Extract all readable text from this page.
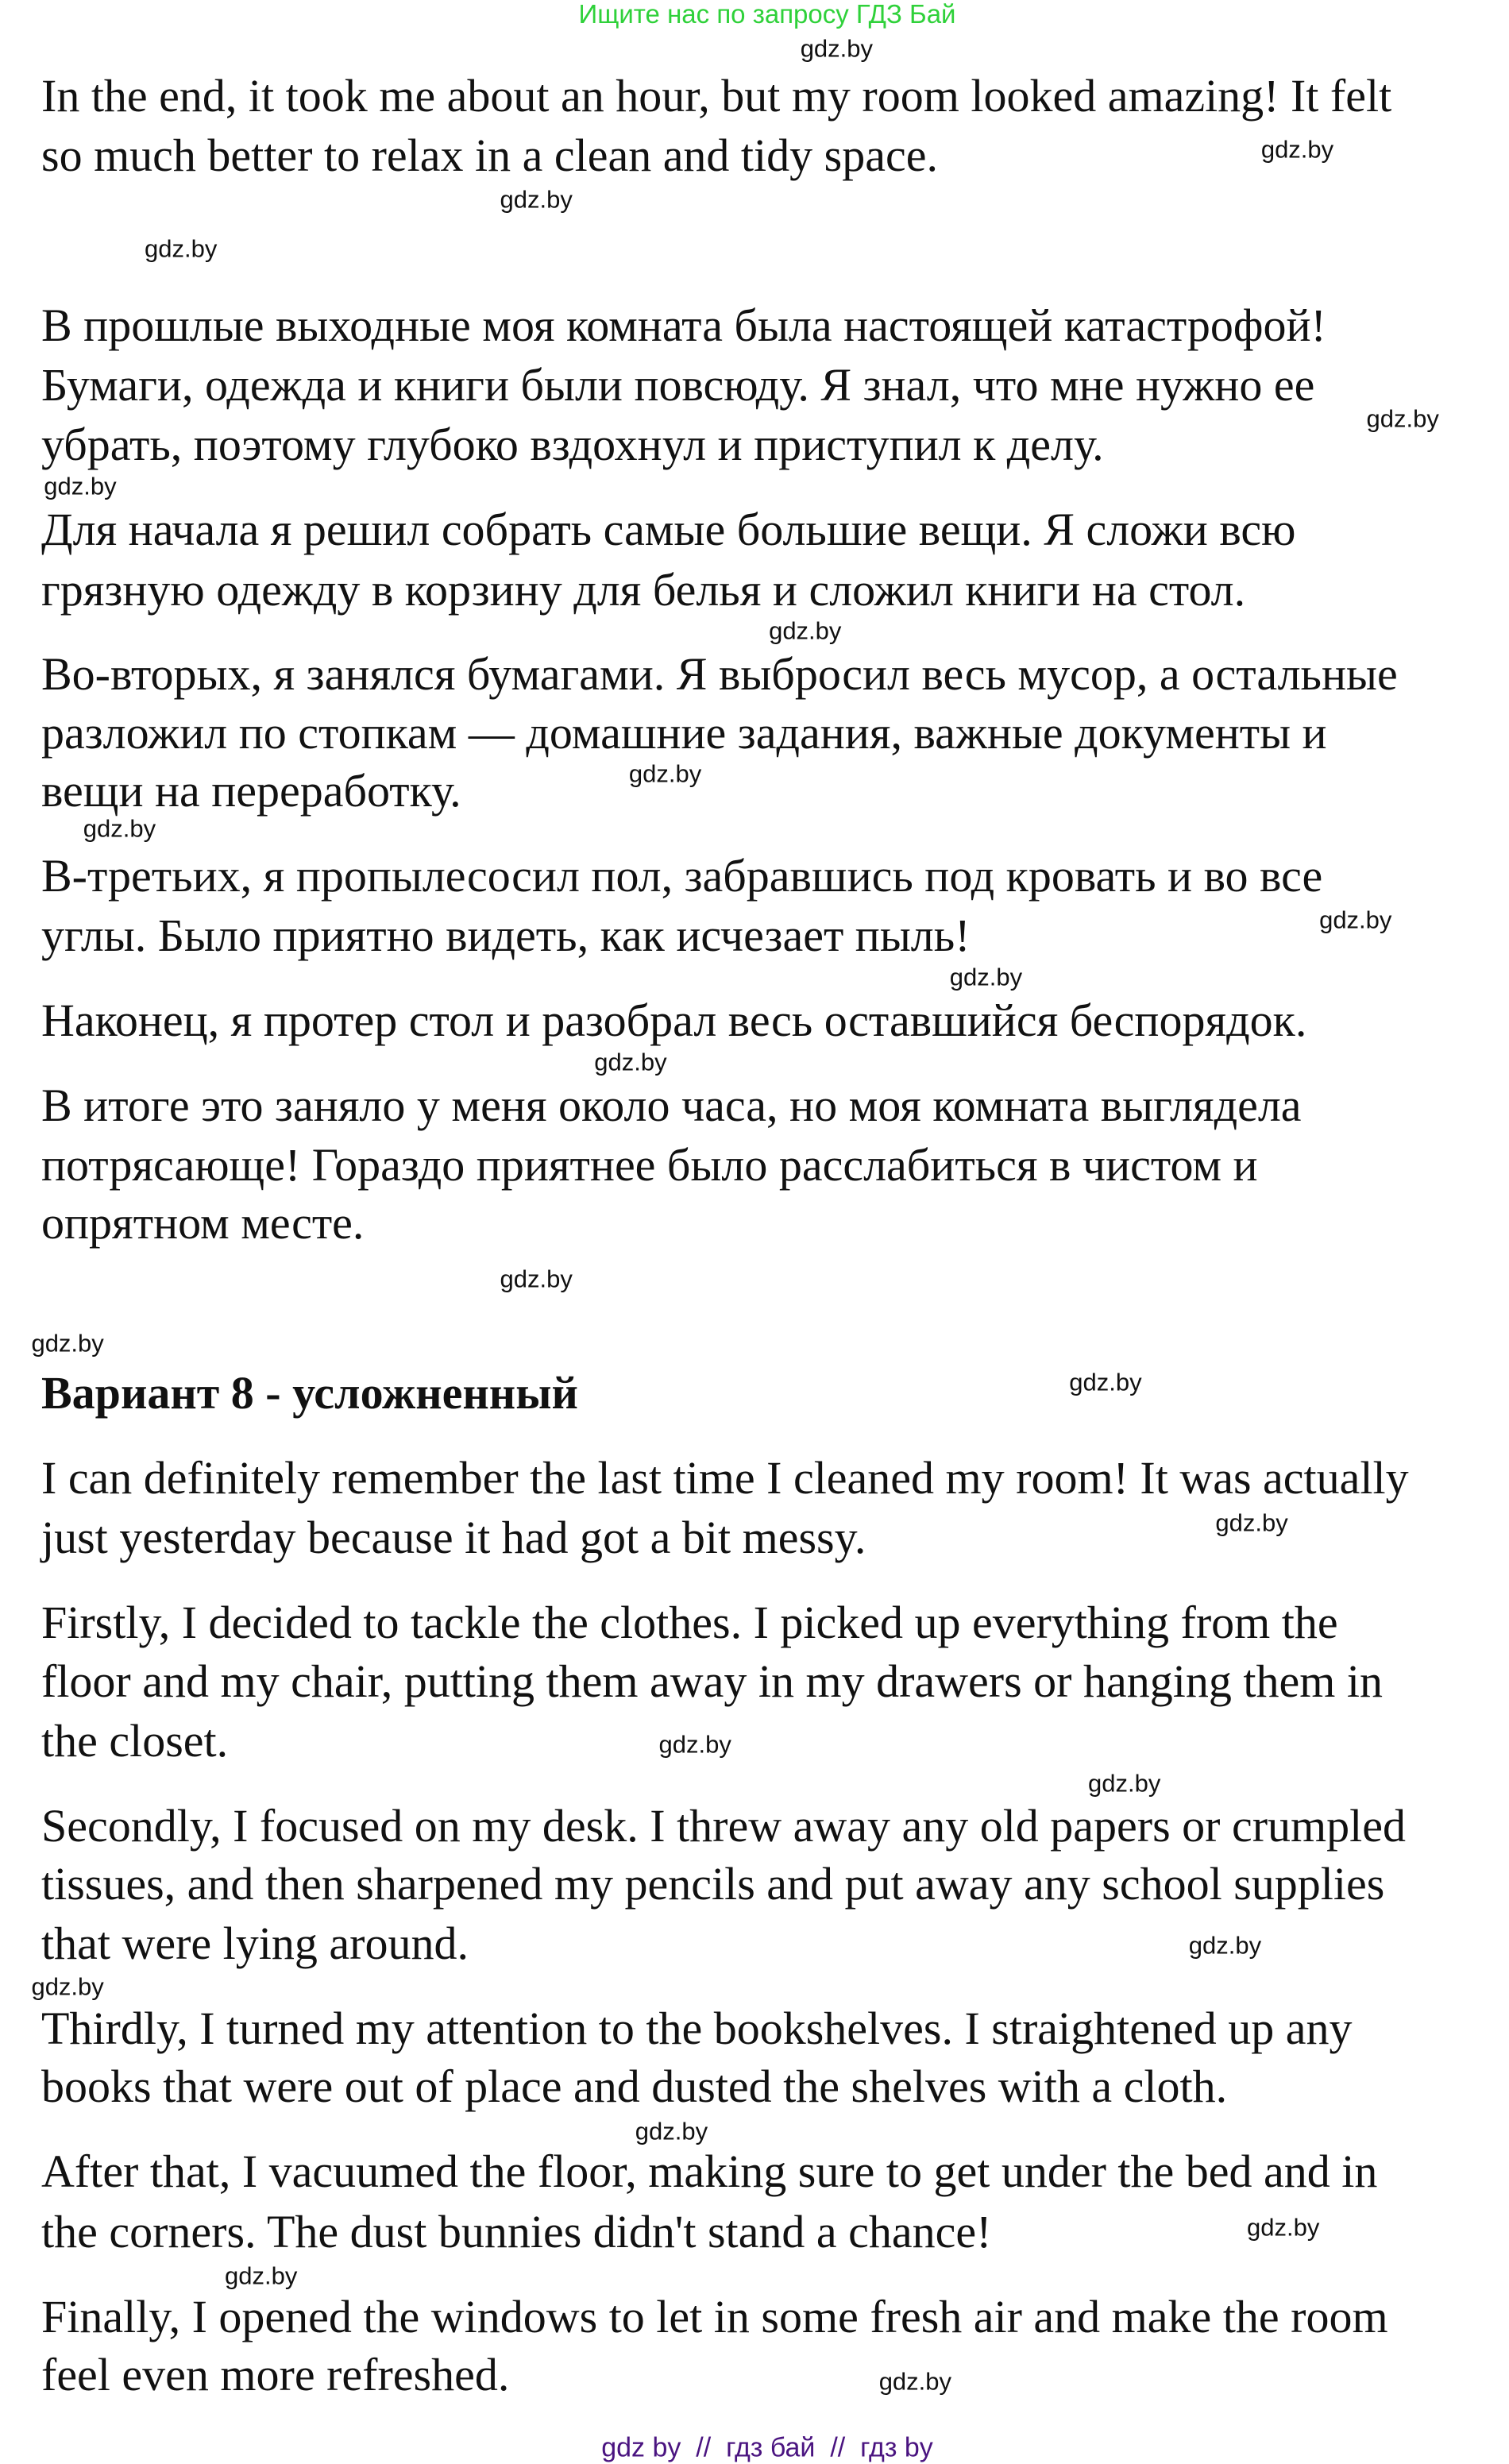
Ищите нас по запросу ГДЗ Бай
In the end, it took me about an hour, but my room looked amazing! It felt
so much better to relax in a clean and tidy space.
В прошлые выходные моя комната была настоящей катастрофой!
Бумаги, одежда и книги были повсюду. Я знал, что мне нужно ее
убрать, поэтому глубоко вздохнул и приступил к делу.
Для начала я решил собрать самые большие вещи. Я сложи всю
грязную одежду в корзину для белья и сложил книги на стол.
Во-вторых, я занялся бумагами. Я выбросил весь мусор, а остальные
разложил по стопкам — домашние задания, важные документы и
вещи на переработку.
В-третьих, я пропылесосил пол, забравшись под кровать и во все
углы. Было приятно видеть, как исчезает пыль!
Наконец, я протер стол и разобрал весь оставшийся беспорядок.
В итоге это заняло у меня около часа, но моя комната выглядела
потрясающе! Гораздо приятнее было расслабиться в чистом и
опрятном месте.
Вариант 8 - усложненный
I can definitely remember the last time I cleaned my room! It was actually
just yesterday because it had got a bit messy.
Firstly, I decided to tackle the clothes. I picked up everything from the
floor and my chair, putting them away in my drawers or hanging them in
the closet.
Secondly, I focused on my desk. I threw away any old papers or crumpled
tissues, and then sharpened my pencils and put away any school supplies
that were lying around.
Thirdly, I turned my attention to the bookshelves. I straightened up any
books that were out of place and dusted the shelves with a cloth.
After that, I vacuumed the floor, making sure to get under the bed and in
the corners. The dust bunnies didn't stand a chance!
Finally, I opened the windows to let in some fresh air and make the room
feel even more refreshed.
gdz.by
gdz.by
gdz.by
gdz.by
gdz.by
gdz.by
gdz.by
gdz.by
gdz.by
gdz.by
gdz.by
gdz.by
gdz.by
gdz.by
gdz.by
gdz.by
gdz.by
gdz.by
gdz.by
gdz.by
gdz.by
gdz.by
gdz.by
gdz.by
gdz by  //  гдз бай  //  гдз by
